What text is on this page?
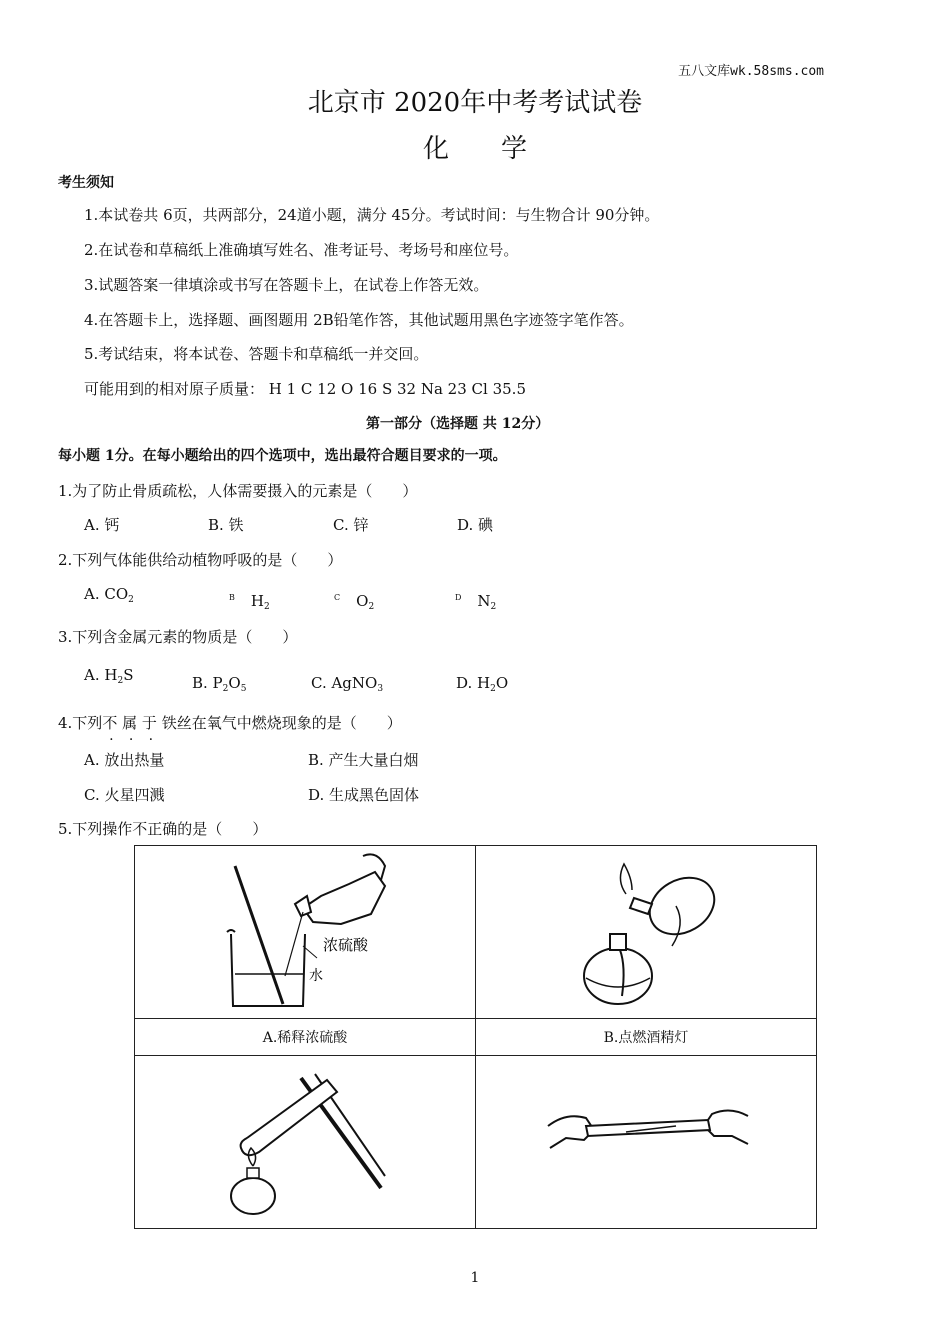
五八文库wk.58sms.com
北京市 2020年中考考试试卷
化学
考生须知
1.本试卷共 6页，共两部分，24道小题，满分 45分。考试时间：与生物合计 90分钟。
2.在试卷和草稿纸上准确填写姓名、准考证号、考场号和座位号。
3.试题答案一律填涂或书写在答题卡上，在试卷上作答无效。
4.在答题卡上，选择题、画图题用 2B铅笔作答，其他试题用黑色字迹签字笔作答。
5.考试结束，将本试卷、答题卡和草稿纸一并交回。
可能用到的相对原子质量： H 1 C 12 O 16 S 32 Na 23 Cl 35.5
第一部分（选择题 共 12分）
每小题 1分。在每小题给出的四个选项中，选出最符合题目要求的一项。
1.为了防止骨质疏松，人体需要摄入的元素是（　　）
A. 钙	B. 铁	C. 锌	D. 碘
2.下列气体能供给动植物呼吸的是（　　）
A. $CO_2$	$^B$ $H_2$
$^C$ $O_2$
$^D$ $N_2$
3.下列含金属元素的物质是（　　）
A. $H_2S$	B. $P_2O_5$	C. AgNO$_3$	D. $H_2O$
4.下列不 属 于 铁丝在氧气中燃烧现象的是（　　）
A. 放出热量	B. 产生大量白烟
C. 火星四溅	D. 生成黑色固体
5.下列操作不正确的是（　　）
浓硫酸
水

A.稀释浓硫酸	B.点燃酒精灯

1
